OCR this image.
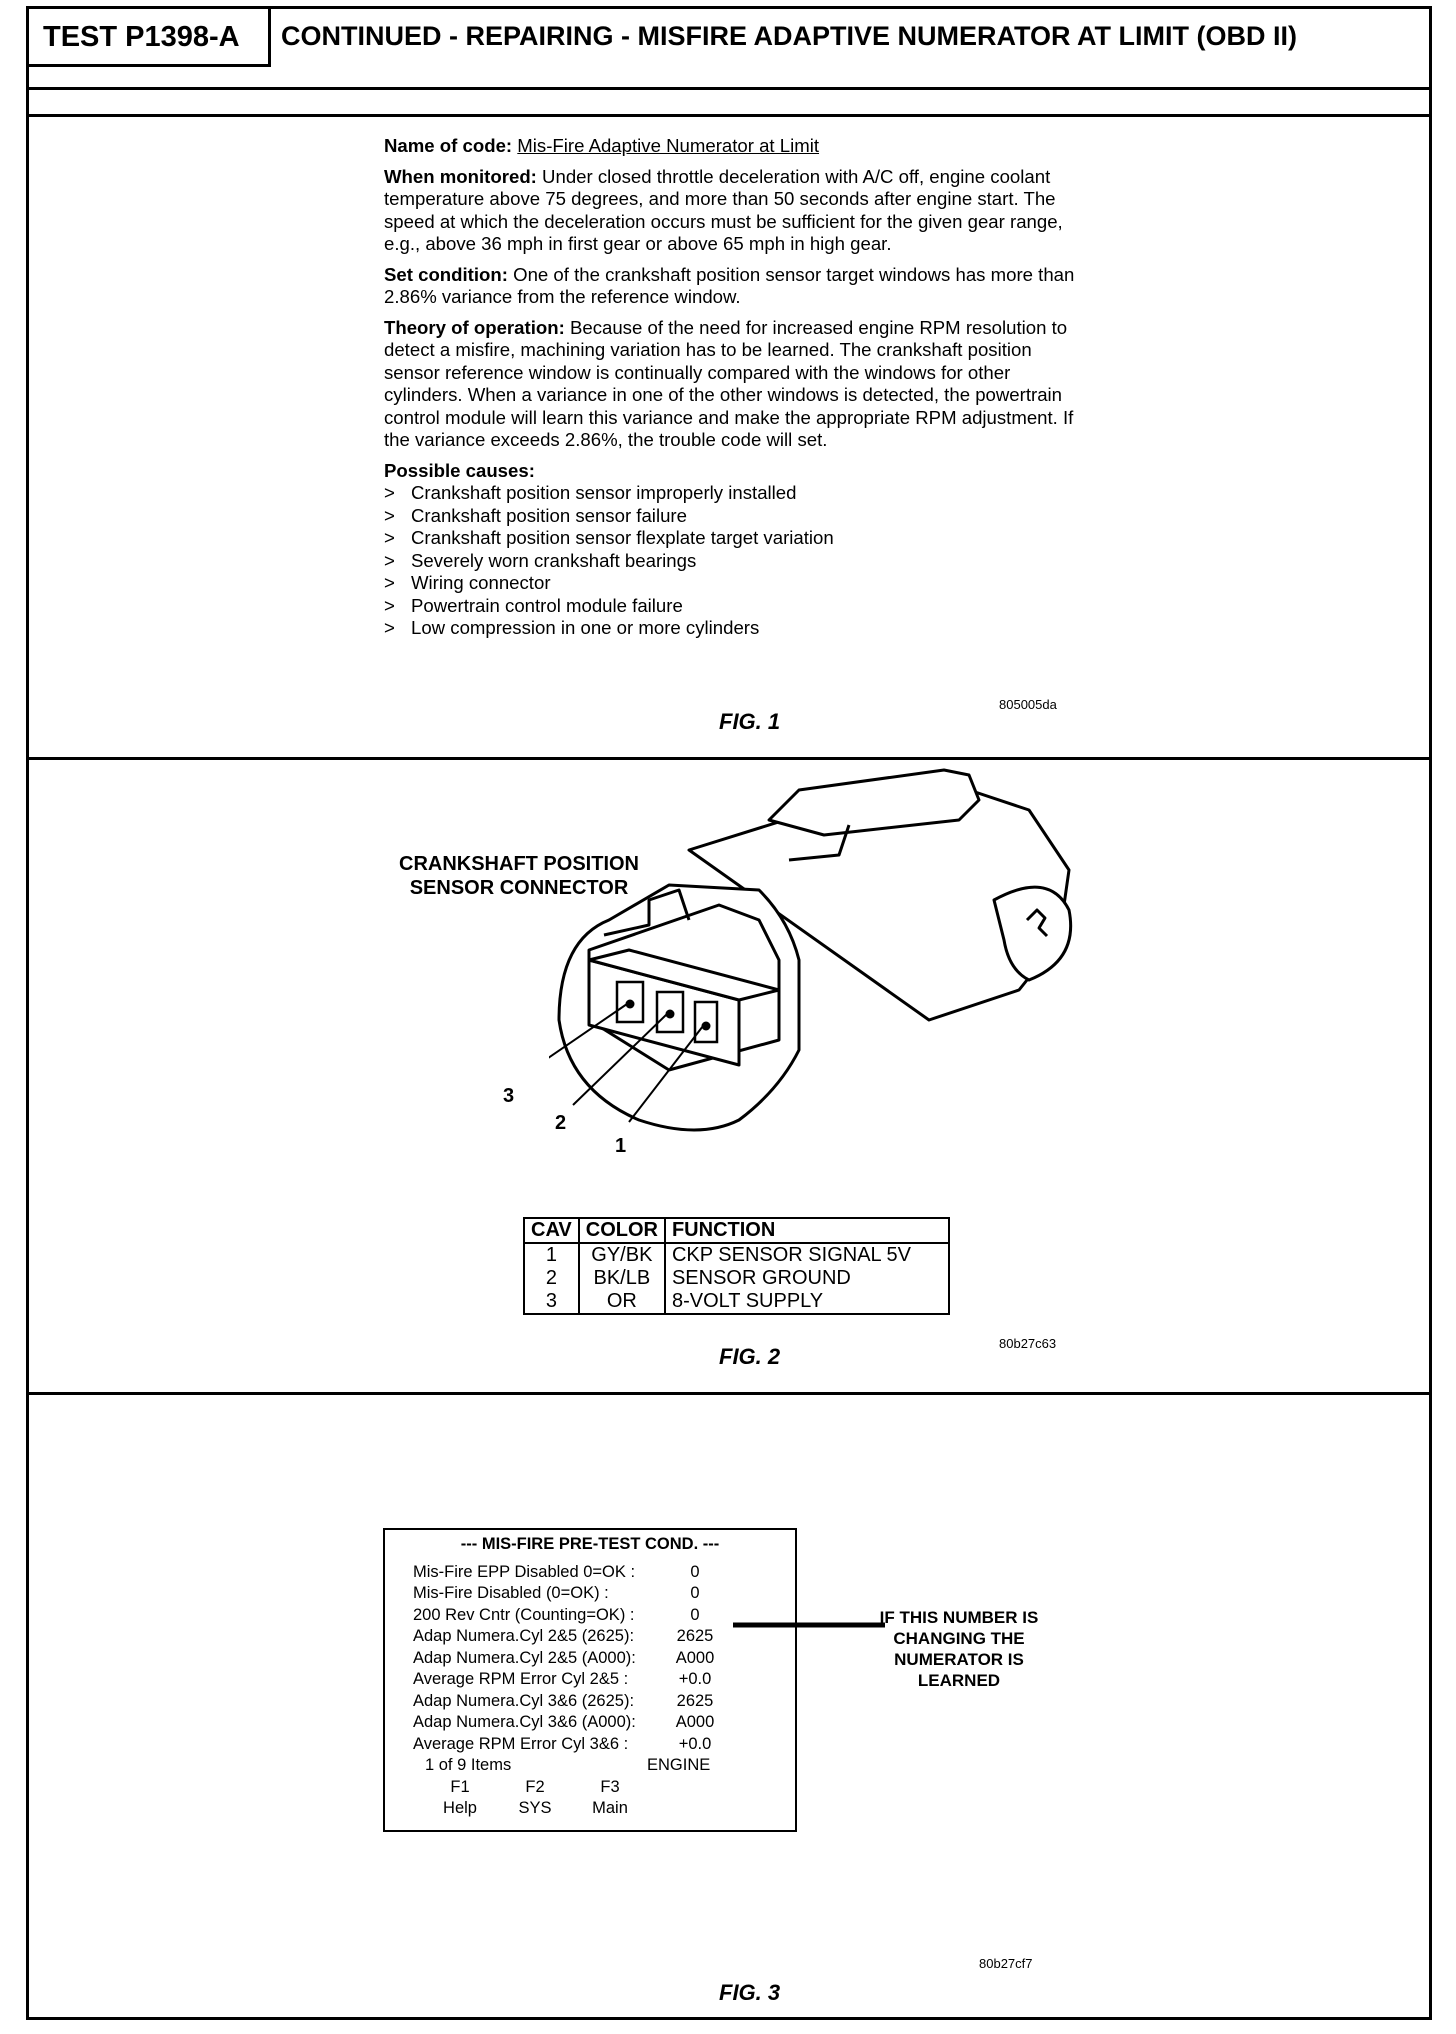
TEST P1398-A	CONTINUED - REPAIRING - MISFIRE ADAPTIVE NUMERATOR AT LIMIT (OBD II)

Name of code: Mis-Fire Adaptive Numerator at Limit

When monitored: Under closed throttle deceleration with A/C off, engine coolant temperature above 75 degrees, and more than 50 seconds after engine start. The speed at which the deceleration occurs must be sufficient for the given gear range, e.g., above 36 mph in first gear or above 65 mph in high gear.

Set condition: One of the crankshaft position sensor target windows has more than 2.86% variance from the reference window.

Theory of operation: Because of the need for increased engine RPM resolution to detect a misfire, machining variation has to be learned. The crankshaft position sensor reference window is continually compared with the windows for other cylinders. When a variance in one of the other windows is detected, the powertrain control module will learn this variance and make the appropriate RPM adjustment. If the variance exceeds 2.86%, the trouble code will set.

Possible causes:

> Crankshaft position sensor improperly installed
> Crankshaft position sensor failure
> Crankshaft position sensor flexplate target variation
> Severely worn crankshaft bearings
> Wiring connector
> Powertrain control module failure
> Low compression in one or more cylinders
805005da
FIG. 1
CRANKSHAFT POSITION SENSOR CONNECTOR
3
2
1
CAV	COLOR	FUNCTION
1	GY/BK	CKP SENSOR SIGNAL 5V
2	BK/LB	SENSOR GROUND
3	OR	8-VOLT SUPPLY
80b27c63
FIG. 2
--- MIS-FIRE PRE-TEST COND. ---
Mis-Fire EPP Disabled 0=OK :	0
Mis-Fire Disabled (0=OK) :	0
200 Rev Cntr (Counting=OK) :	0
Adap Numera.Cyl 2&5 (2625):	2625
Adap Numera.Cyl 2&5 (A000):	A000
Average RPM Error Cyl 2&5 :	+0.0
Adap Numera.Cyl 3&6 (2625):	2625
Adap Numera.Cyl 3&6 (A000):	A000
Average RPM Error Cyl 3&6 :	+0.0
1 of 9 Items	ENGINE
F1	F2	F3
Help	SYS	Main
IF THIS NUMBER IS CHANGING THE NUMERATOR IS LEARNED
80b27cf7
FIG. 3
